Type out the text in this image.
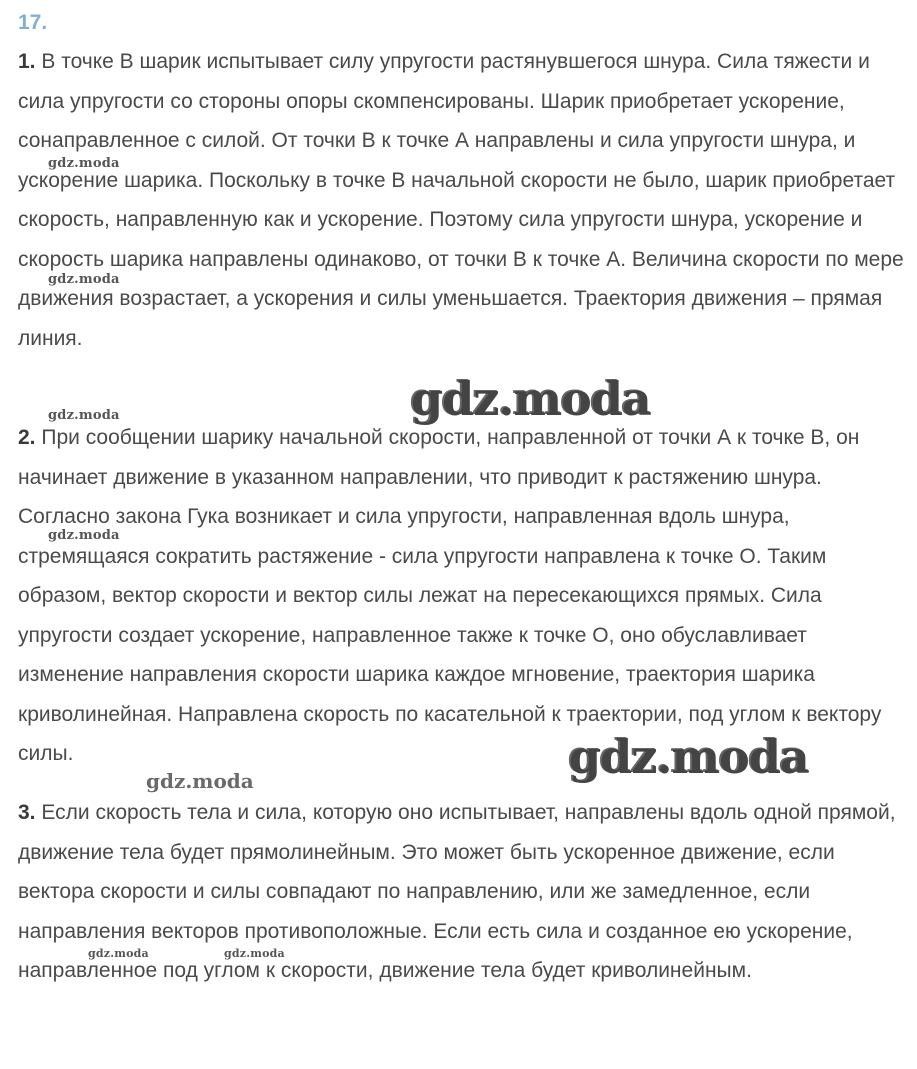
17.

1. В точке В шарик испытывает силу упругости растянувшегося шнура. Сила тяжести и сила упругости со стороны опоры скомпенсированы. Шарик приобретает ускорение, сонаправленное с силой. От точки В к точке А направлены и сила упругости шнура, и ускорение шарика. Поскольку в точке В начальной скорости не было, шарик приобретает скорость, направленную как и ускорение. Поэтому сила упругости шнура, ускорение и скорость шарика направлены одинаково, от точки В к точке А. Величина скорости по мере движения возрастает, а ускорения и силы уменьшается. Траектория движения – прямая линия.

2. При сообщении шарику начальной скорости, направленной от точки А к точке В, он начинает движение в указанном направлении, что приводит к растяжению шнура. Согласно закона Гука возникает и сила упругости, направленная вдоль шнура, стремящаяся сократить растяжение - сила упругости направлена к точке О. Таким образом, вектор скорости и вектор силы лежат на пересекающихся прямых. Сила упругости создает ускорение, направленное также к точке О, оно обуславливает изменение направления скорости шарика каждое мгновение, траектория шарика криволинейная. Направлена скорость по касательной к траектории, под углом к вектору силы.

3. Если скорость тела и сила, которую оно испытывает, направлены вдоль одной прямой, движение тела будет прямолинейным. Это может быть ускоренное движение, если вектора скорости и силы совпадают по направлению, или же замедленное, если направления векторов противоположные. Если есть сила и созданное ею ускорение, направленное под углом к скорости, движение тела будет криволинейным.

gdz.moda
gdz.moda
gdz.moda
gdz.moda
gdz.moda	gdz.moda
gdz.moda
gdz.moda
gdz.moda
